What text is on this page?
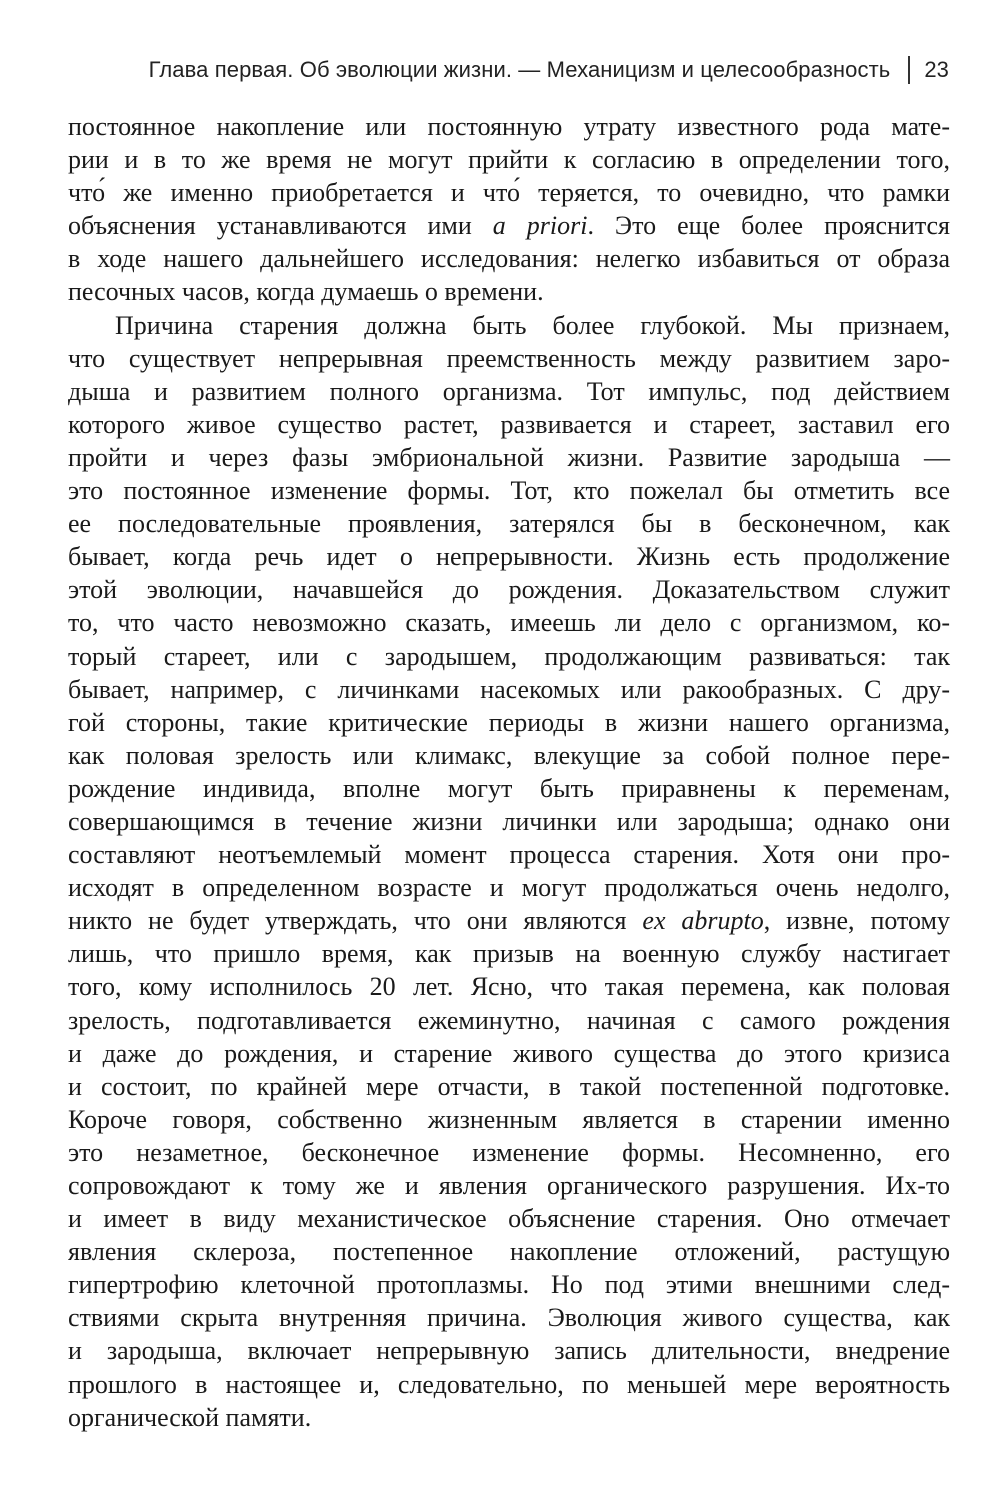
Глава первая. Об эволюции жизни. — Механицизм и целесообразность 23
постоянное накопление или постоянную утрату известного рода мате-
рии и в то же время не могут прийти к согласию в определении того,
что́ же именно приобретается и что́ теряется, то очевидно, что рамки
объяснения устанавливаются ими a priori. Это еще более прояснится
в ходе нашего дальнейшего исследования: нелегко избавиться от образа
песочных часов, когда думаешь о времени.
Причина старения должна быть более глубокой. Мы признаем,
что существует непрерывная преемственность между развитием заро-
дыша и развитием полного организма. Тот импульс, под действием
которого живое существо растет, развивается и стареет, заставил его
пройти и через фазы эмбриональной жизни. Развитие зародыша —
это постоянное изменение формы. Тот, кто пожелал бы отметить все
ее последовательные проявления, затерялся бы в бесконечном, как
бывает, когда речь идет о непрерывности. Жизнь есть продолжение
этой эволюции, начавшейся до рождения. Доказательством служит
то, что часто невозможно сказать, имеешь ли дело с организмом, ко-
торый стареет, или с зародышем, продолжающим развиваться: так
бывает, например, с личинками насекомых или ракообразных. С дру-
гой стороны, такие критические периоды в жизни нашего организма,
как половая зрелость или климакс, влекущие за собой полное пере-
рождение индивида, вполне могут быть приравнены к переменам,
совершающимся в течение жизни личинки или зародыша; однако они
составляют неотъемлемый момент процесса старения. Хотя они про-
исходят в определенном возрасте и могут продолжаться очень недолго,
никто не будет утверждать, что они являются ex abrupto, извне, потому
лишь, что пришло время, как призыв на военную службу настигает
того, кому исполнилось 20 лет. Ясно, что такая перемена, как половая
зрелость, подготавливается ежеминутно, начиная с самого рождения
и даже до рождения, и старение живого существа до этого кризиса
и состоит, по крайней мере отчасти, в такой постепенной подготовке.
Короче говоря, собственно жизненным является в старении именно
это незаметное, бесконечное изменение формы. Несомненно, его
сопровождают к тому же и явления органического разрушения. Их-то
и имеет в виду механистическое объяснение старения. Оно отмечает
явления склероза, постепенное накопление отложений, растущую
гипертрофию клеточной протоплазмы. Но под этими внешними след-
ствиями скрыта внутренняя причина. Эволюция живого существа, как
и зародыша, включает непрерывную запись длительности, внедрение
прошлого в настоящее и, следовательно, по меньшей мере вероятность
органической памяти.
